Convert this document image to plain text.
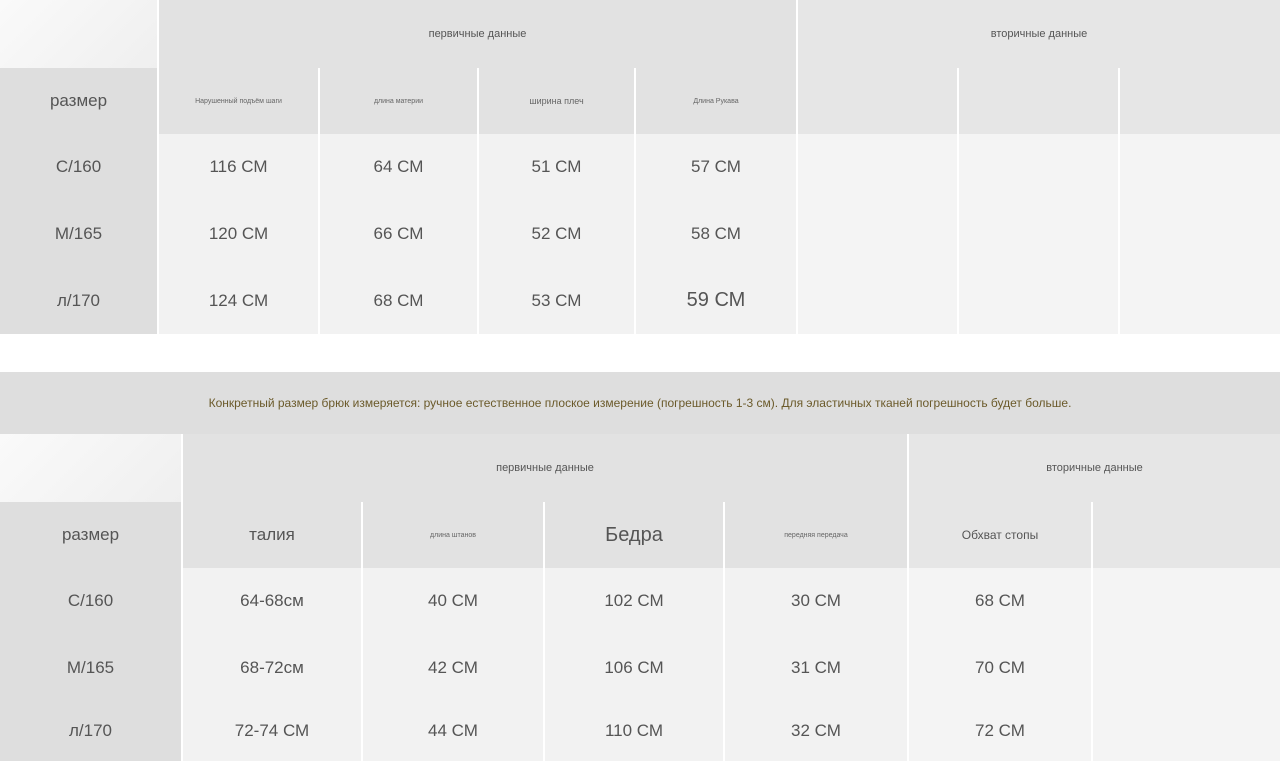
первичные данные	вторичные данные
размер	Нарушенный подъём шаги	длина материи	ширина плеч	Длина Рукава
С/160	116 СМ	64 СМ	51 СМ	57 СМ
М/165	120 СМ	66 СМ	52 СМ	58 СМ
л/170	124 СМ	68 СМ	53 СМ	59 СМ
Конкретный размер брюк измеряется: ручное естественное плоское измерение (погрешность 1-3 см). Для эластичных тканей погрешность будет больше.
первичные данные	вторичные данные
размер	талия	длина штанов	Бедра	передняя передача	Обхват стопы
С/160	64-68см	40 СМ	102 СМ	30 СМ	68 СМ
М/165	68-72см	42 СМ	106 СМ	31 СМ	70 СМ
л/170	72-74 СМ	44 СМ	110 СМ	32 СМ	72 СМ
